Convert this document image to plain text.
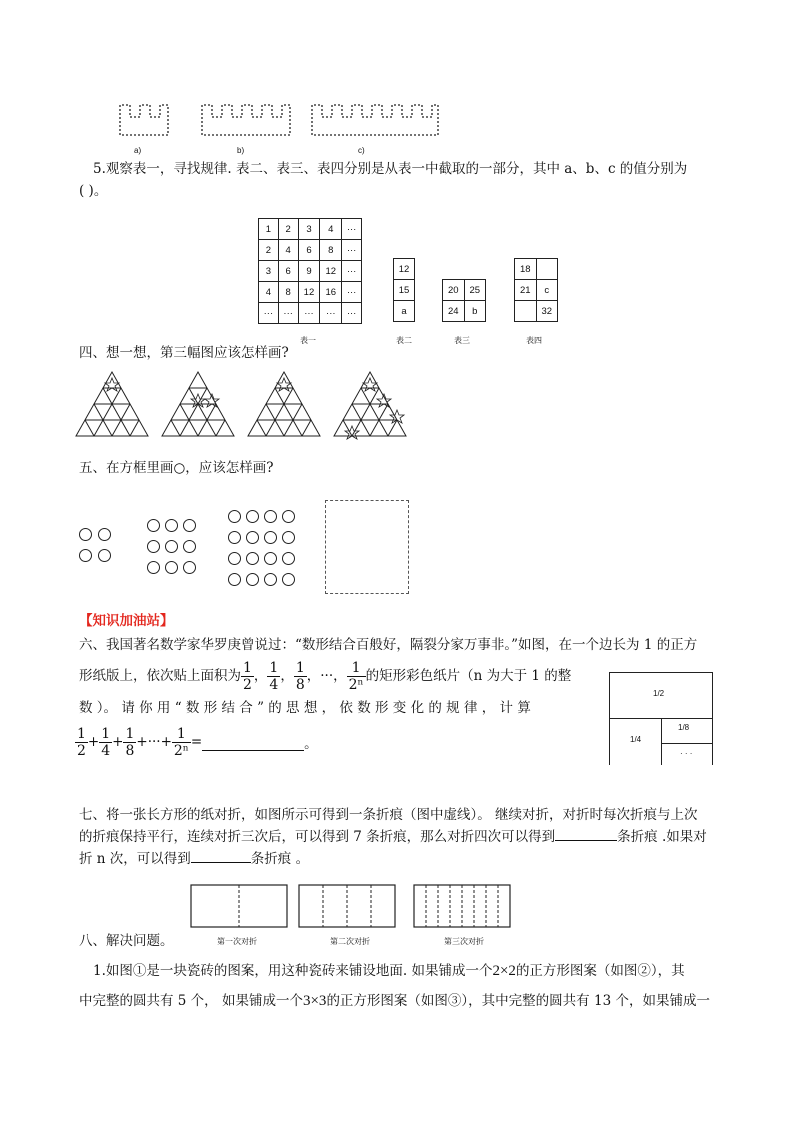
a)	b)	c)
5.观察表一，寻找规律. 表二、表三、表四分别是从表一中截取的一部分，其中 a、b、c 的值分别为
( )。
1	2	3	4	···
2	4	6	8	···
3	6	9	12	···
4	8	12	16	···
···	···	···	···	···
12
15
a
20	25
24	b
18	
21	c
	32
表一	表二	表三	表四
四、想一想，第三幅图应该怎样画?
五、在方框里画○，应该怎样画?
【知识加油站】
六、我国著名数学家华罗庚曾说过：“数形结合百般好，隔裂分家万事非。”如图，在一个边长为 1 的正方
形纸版上，依次贴上面积为 $\frac{1}{2}$ ， $\frac{1}{4}$ ， $\frac{1}{8}$ ， ··· ， $\frac{1}{\text{2ⁿ}}$ 的矩形彩色纸片（n 为大于 1 的整
数 ）。 请 你 用 “ 数 形 结 合 ” 的 思 想 ， 依 数 形 变 化 的 规 律 ， 计 算
$\frac{1}{2} + \frac{1}{4} + \frac{1}{8}$ + ··· + $\frac{1}{\text{2ⁿ}}$ =	。
1/2
1/4
1/8
· · ·
七、将一张长方形的纸对折，如图所示可得到一条折痕（图中虚线）。 继续对折，对折时每次折痕与上次
的折痕保持平行，连续对折三次后，可以得到 7 条折痕，那么对折四次可以得到	条折痕 .如果对
折 n 次，可以得到	条折痕 。
第一次对折	第二次对折	第三次对折
八、解决问题。
1.如图①是一块瓷砖的图案，用这种瓷砖来铺设地面. 如果铺成一个2×2的正方形图案（如图②），其
中完整的圆共有 5 个， 如果铺成一个3×3的正方形图案（如图③），其中完整的圆共有 13 个，如果铺成一
